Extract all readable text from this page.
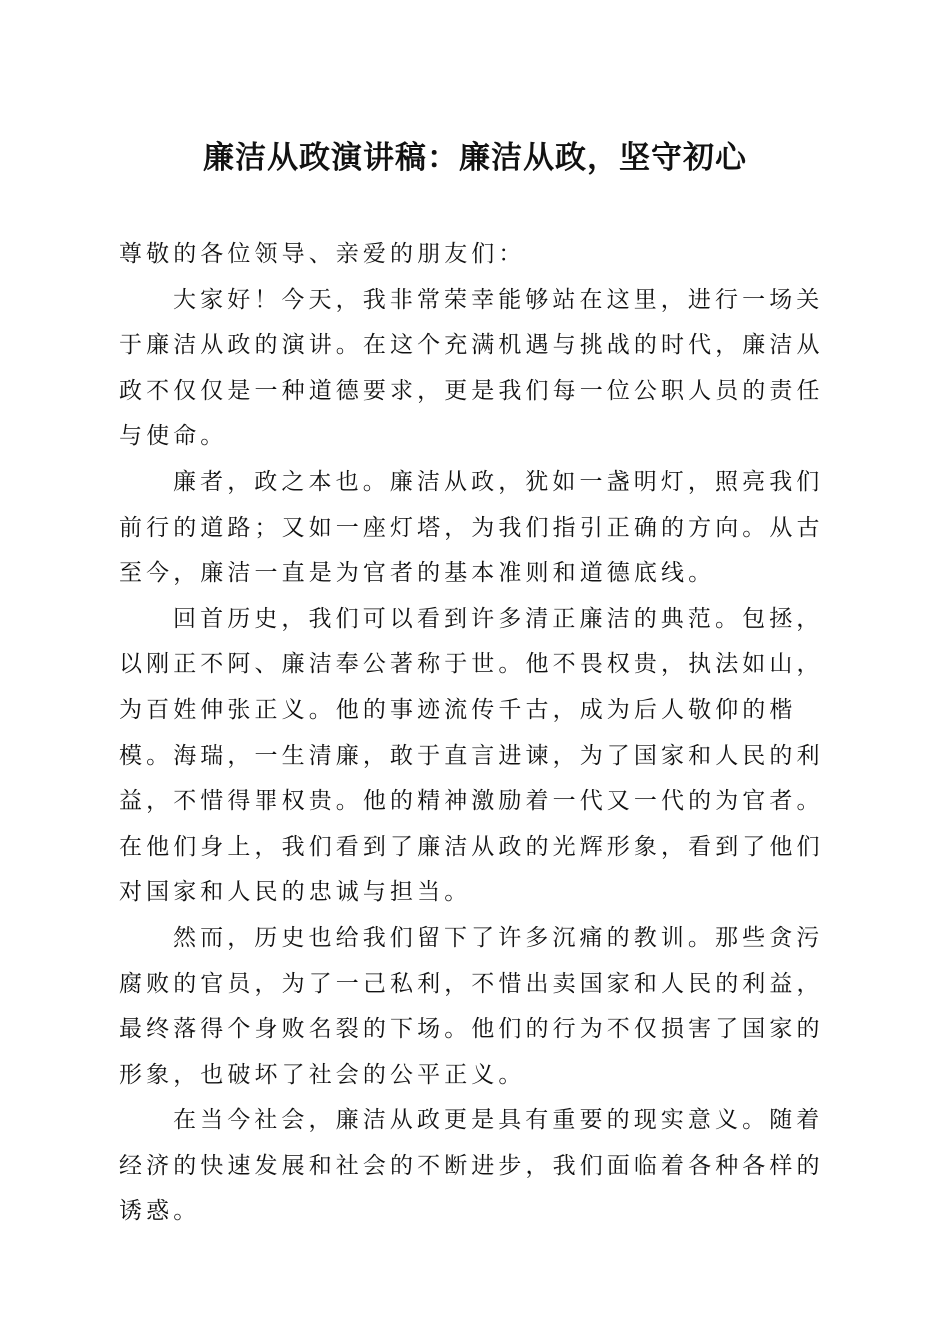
廉洁从政演讲稿：廉洁从政，坚守初心

尊敬的各位领导、亲爱的朋友们：

大家好！今天，我非常荣幸能够站在这里，进行一场关于廉洁从政的演讲。在这个充满机遇与挑战的时代，廉洁从政不仅仅是一种道德要求，更是我们每一位公职人员的责任与使命。

廉者，政之本也。廉洁从政，犹如一盏明灯，照亮我们前行的道路；又如一座灯塔，为我们指引正确的方向。从古至今，廉洁一直是为官者的基本准则和道德底线。

回首历史，我们可以看到许多清正廉洁的典范。包拯，以刚正不阿、廉洁奉公著称于世。他不畏权贵，执法如山，为百姓伸张正义。他的事迹流传千古，成为后人敬仰的楷模。海瑞，一生清廉，敢于直言进谏，为了国家和人民的利益，不惜得罪权贵。他的精神激励着一代又一代的为官者。在他们身上，我们看到了廉洁从政的光辉形象，看到了他们对国家和人民的忠诚与担当。

然而，历史也给我们留下了许多沉痛的教训。那些贪污腐败的官员，为了一己私利，不惜出卖国家和人民的利益，最终落得个身败名裂的下场。他们的行为不仅损害了国家的形象，也破坏了社会的公平正义。

在当今社会，廉洁从政更是具有重要的现实意义。随着经济的快速发展和社会的不断进步，我们面临着各种各样的诱惑。
